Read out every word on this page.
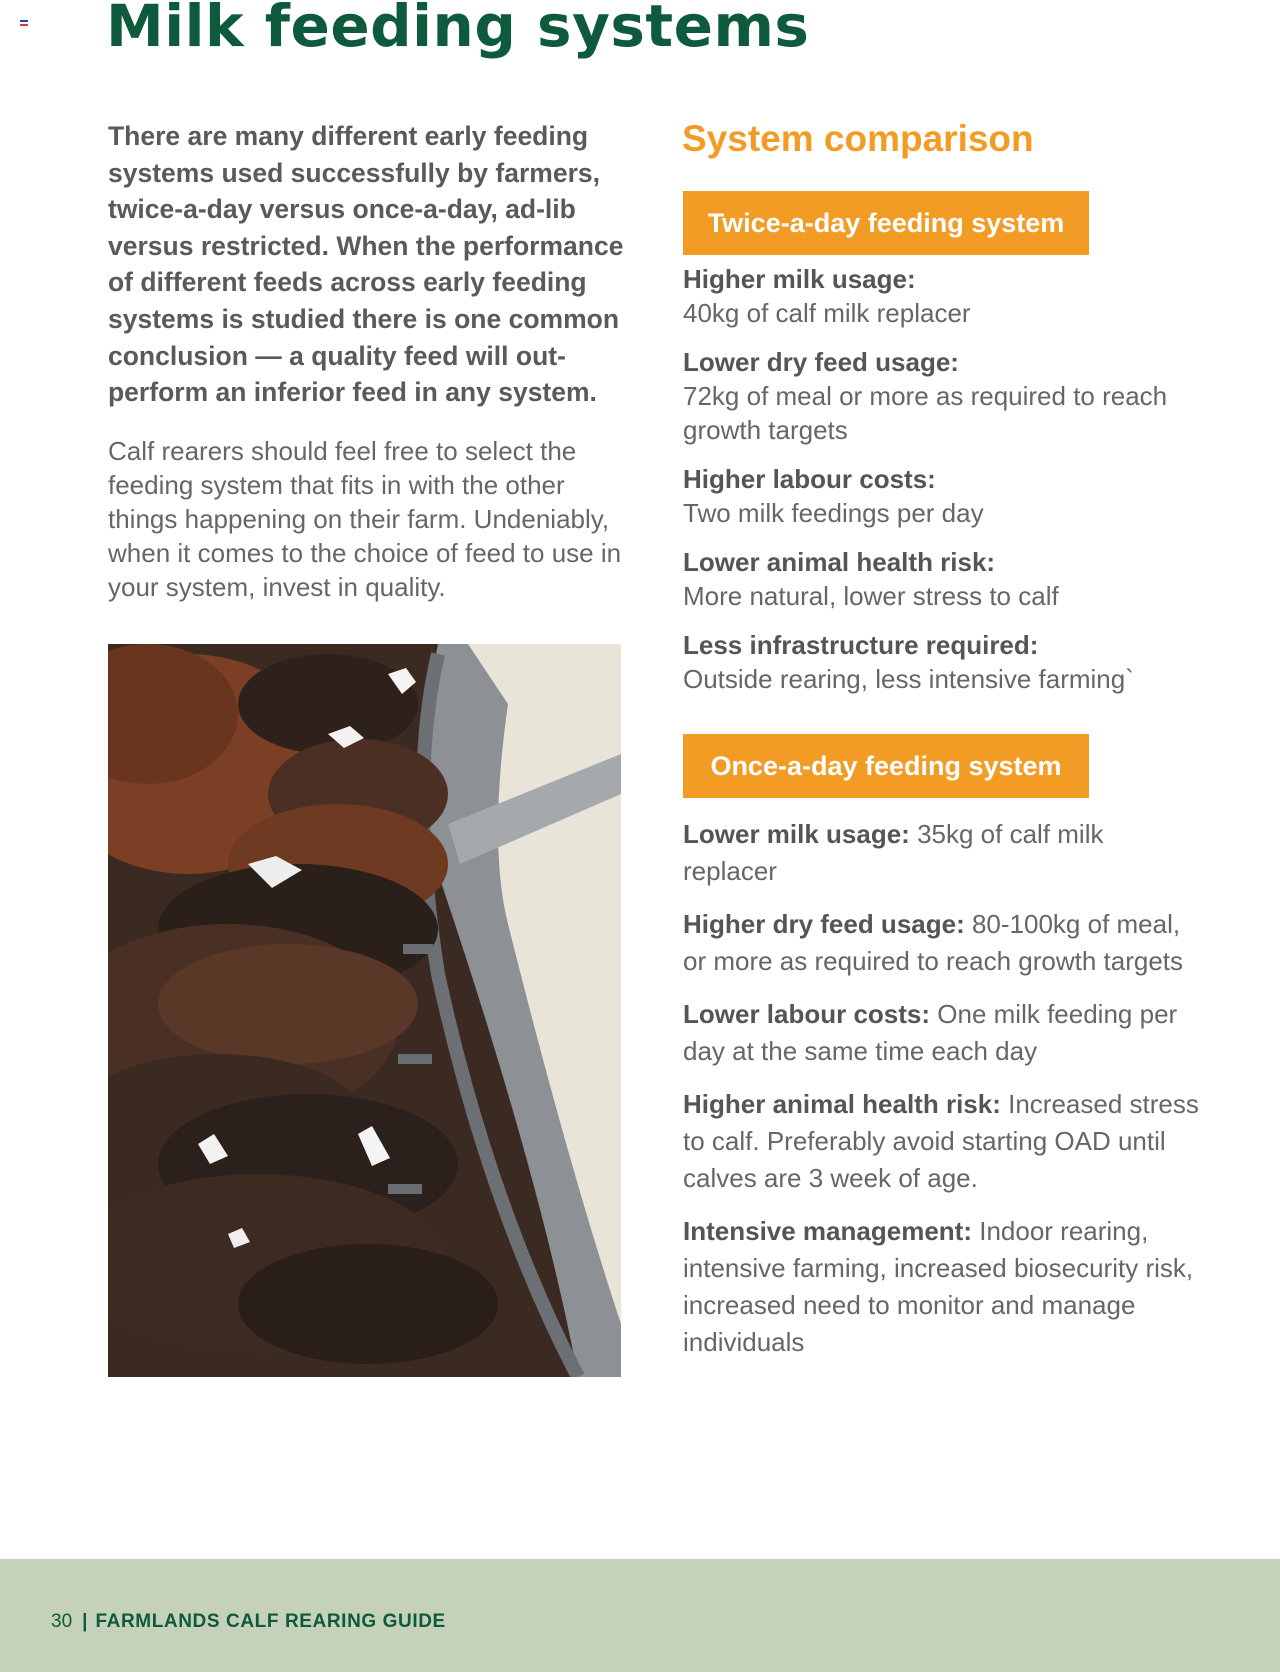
Milk feeding systems

There are many different early feeding systems used successfully by farmers, twice-a-day versus once-a-day, ad-lib versus restricted. When the performance of different feeds across early feeding systems is studied there is one common conclusion — a quality feed will out-perform an inferior feed in any system.

Calf rearers should feel free to select the feeding system that fits in with the other things happening on their farm. Undeniably, when it comes to the choice of feed to use in your system, invest in quality.

System comparison
Twice-a-day feeding system
Higher milk usage:
40kg of calf milk replacer
Lower dry feed usage:
72kg of meal or more as required to reach growth targets
Higher labour costs:
Two milk feedings per day
Lower animal health risk:
More natural, lower stress to calf
Less infrastructure required:
Outside rearing, less intensive farming`
Once-a-day feeding system
Lower milk usage: 35kg of calf milk replacer
Higher dry feed usage: 80-100kg of meal, or more as required to reach growth targets
Lower labour costs: One milk feeding per day at the same time each day
Higher animal health risk: Increased stress to calf. Preferably avoid starting OAD until calves are 3 week of age.
Intensive management: Indoor rearing, intensive farming, increased biosecurity risk, increased need to monitor and manage individuals
30 | FARMLANDS CALF REARING GUIDE
